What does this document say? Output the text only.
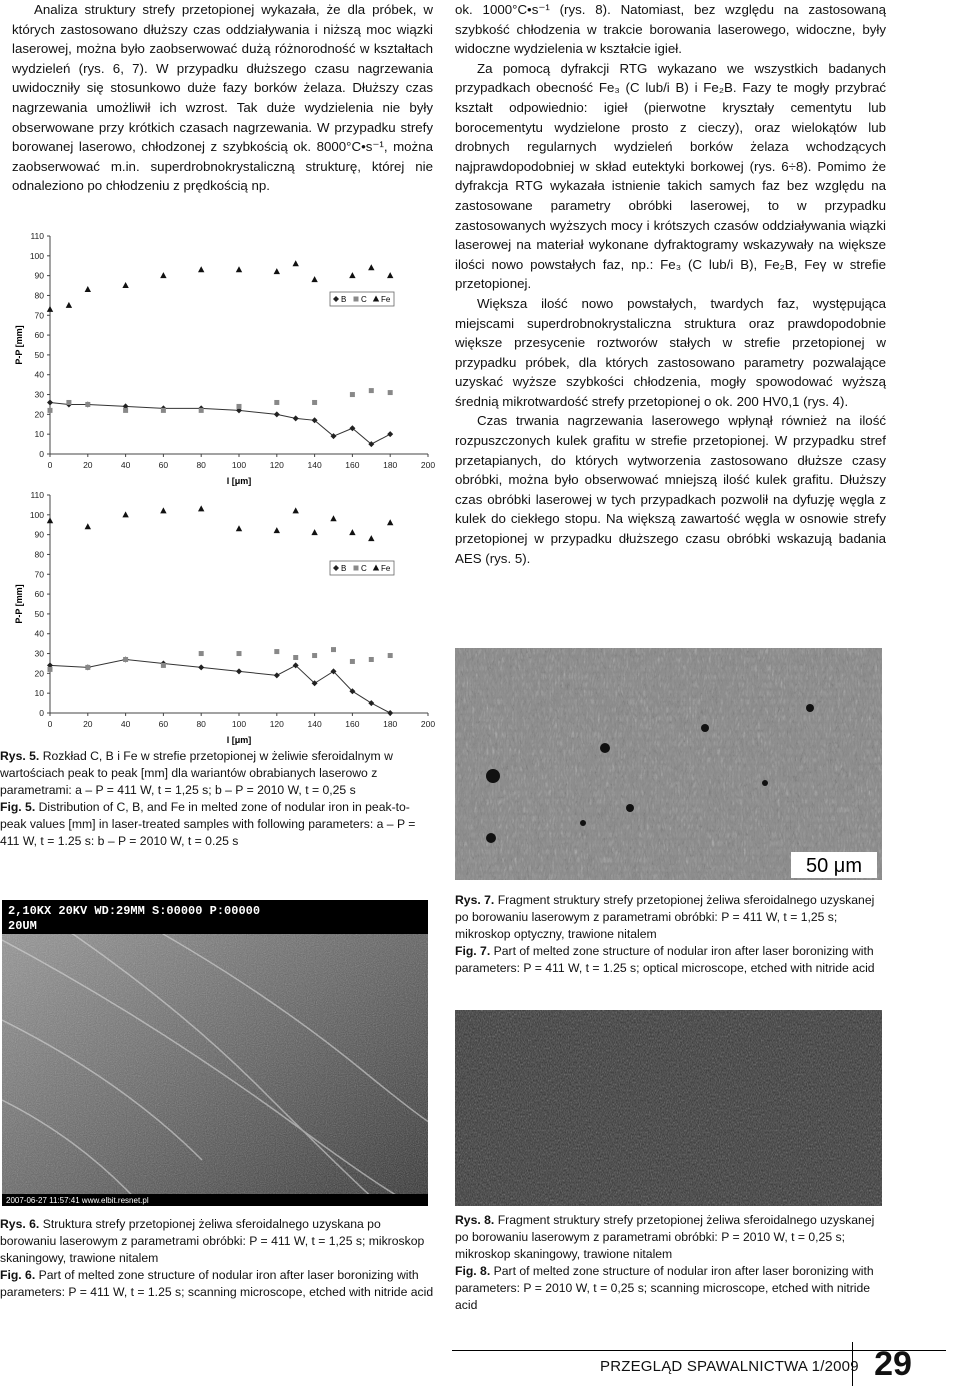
Analiza struktury strefy przetopionej wykazała, że dla próbek, w których zastosowano dłuższy czas oddziaływania i niższą moc wiązki laserowej, można było zaobserwować dużą różnorodność w kształtach wydzieleń (rys. 6, 7). W przypadku dłuższego czasu nagrzewania uwidoczniły się stosunkowo duże fazy borków żelaza. Dłuższy czas nagrzewania umożliwił ich wzrost. Tak duże wydzielenia nie były obserwowane przy krótkich czasach nagrzewania. W przypadku strefy borowanej laserowo, chłodzonej z szybkością ok. 8000°C•s⁻¹, można zaobserwować m.in. superdrobnokrystaliczną strukturę, której nie odnaleziono po chłodzeniu z prędkością np.

ok. 1000°C•s⁻¹ (rys. 8). Natomiast, bez względu na zastosowaną szybkość chłodzenia w trakcie borowania laserowego, widoczne, były widoczne wydzielenia w kształcie igieł.

Za pomocą dyfrakcji RTG wykazano we wszystkich badanych przypadkach obecność Fe₃ (C lub/i B) i Fe₂B. Fazy te mogły przybrać kształt odpowiednio: igieł (pierwotne kryształy cementytu lub borocementytu wydzielone prosto z cieczy), oraz wielokątów lub drobnych regularnych wydzieleń borków żelaza wchodzących najprawdopodobniej w skład eutektyki borkowej (rys. 6÷8). Pomimo że dyfrakcja RTG wykazała istnienie takich samych faz bez względu na zastosowane parametry obróbki laserowej, to w przypadku zastosowanych wyższych mocy i krótszych czasów oddziaływania wiązki laserowej na materiał wykonane dyfraktogramy wskazywały na większe ilości nowo powstałych faz, np.: Fe₃ (C lub/i B), Fe₂B, Feγ w strefie przetopionej.

Większa ilość nowo powstałych, twardych faz, występująca miejscami superdrobnokrystaliczna struktura oraz prawdopodobnie większe przesycenie roztworów stałych w strefie przetopionej w przypadku próbek, dla których zastosowano parametry pozwalające uzyskać wyższe szybkości chłodzenia, mogły spowodować wyższą średnią mikrotwardość strefy przetopionej o ok. 200 HV0,1 (rys. 4).

Czas trwania nagrzewania laserowego wpłynął również na ilość rozpuszczonych kulek grafitu w strefie przetopionej. W przypadku stref przetapianych, do których wytworzenia zastosowano dłuższe czasy obróbki, można było obserwować mniejszą ilość kulek grafitu. Dłuższy czas obróbki laserowej w tych przypadkach pozwolił na dyfuzję węgla z kulek do ciekłego stopu. Na większą zawartość węgla w osnowie strefy przetopionej w przypadku dłuższego czasu obróbki wskazują badania AES (rys. 5).

0
10
20
30
40
50
60
70
80
90
100
110
0	20	40	60	80	100	120	140	160	180	200
l [μm]
P-P [mm]
B C Fe
0
10
20
30
40
50
60
70
80
90
100
110
0	20	40	60	80	100	120	140	160	180	200
l [μm]
P-P [mm]
B C Fe
Rys. 5. Rozkład C, B i Fe w strefie przetopionej w żeliwie sferoidalnym w wartościach peak to peak [mm] dla wariantów obrabianych laserowo z parametrami: a – P = 411 W, t = 1,25 s; b – P = 2010 W, t = 0,25 s
Fig. 5. Distribution of C, B, and Fe in melted zone of nodular iron in peak-to-peak values [mm] in laser-treated samples with following parameters: a – P = 411 W, t = 1.25 s: b – P = 2010 W, t = 0.25 s
2,10KX 20KV WD:29MM S:00000 P:00000
20UM
2007-06-27 11:57:41 www.elbit.resnet.pl
Rys. 6. Struktura strefy przetopionej żeliwa sferoidalnego uzyskana po borowaniu laserowym z parametrami obróbki: P = 411 W, t = 1,25 s; mikroskop skaningowy, trawione nitalem
Fig. 6. Part of melted zone structure of nodular iron after laser boronizing with parameters: P = 411 W, t = 1.25 s; scanning microscope, etched with nitride acid
50 μm
Rys. 7. Fragment struktury strefy przetopionej żeliwa sferoidalnego uzyskanej po borowaniu laserowym z parametrami obróbki: P = 411 W, t = 1,25 s; mikroskop optyczny, trawione nitalem
Fig. 7. Part of melted zone structure of nodular iron after laser boronizing with parameters: P = 411 W, t = 1.25 s; optical microscope, etched with nitride acid
Rys. 8. Fragment struktury strefy przetopionej żeliwa sferoidalnego uzyskanej po borowaniu laserowym z parametrami obróbki: P = 2010 W, t = 0,25 s; mikroskop skaningowy, trawione nitalem
Fig. 8. Part of melted zone structure of nodular iron after laser boronizing with parameters: P = 2010 W, t = 0,25 s; scanning microscope, etched with nitride acid
PRZEGLĄD SPAWALNICTWA 1/2009 29
